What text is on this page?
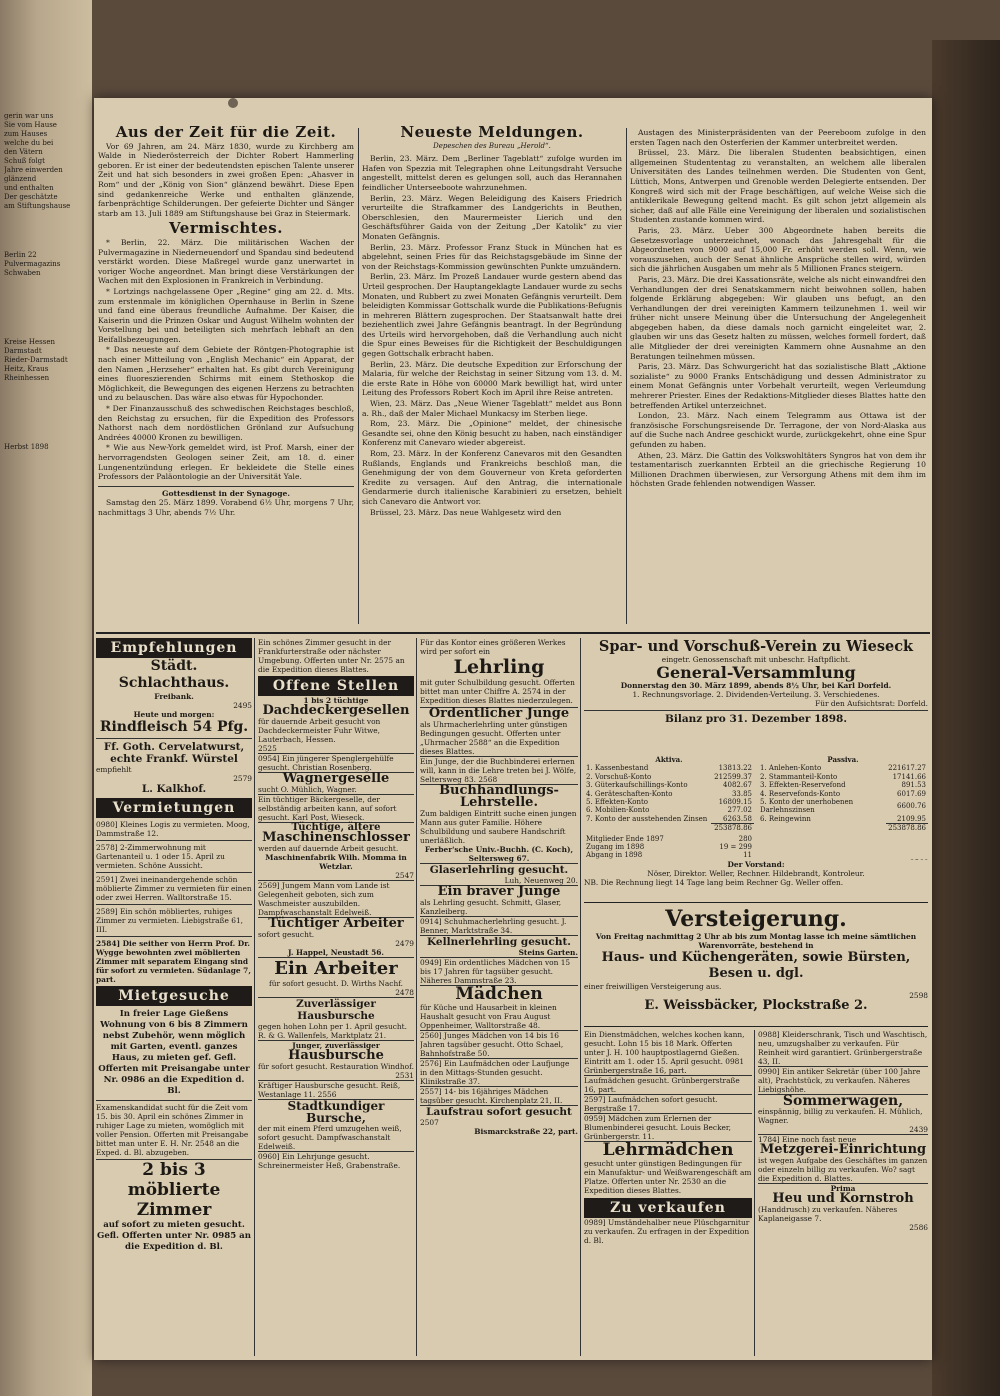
gerin war uns
Sie vom Hause
zum Hauses
welche du bei
den Vätern
Schuß folgt
Jahre einwerden
glänzend
und enthalten
Der geschätzte
am Stiftungshause
Berlin 22
Pulvermagazins
Schwaben
Kreise Hessen
Darmstadt
Rieder-Darmstadt
Heitz, Kraus
Rheinhessen
Herbst 1898
Aus der Zeit für die Zeit.

Vor 69 Jahren, am 24. März 1830, wurde zu Kirchberg am Walde in Niederösterreich der Dichter Robert Hammerling geboren. Er ist einer der bedeutendsten epischen Talente unserer Zeit und hat sich besonders in zwei großen Epen: „Ahasver in Rom“ und der „König von Sion“ glänzend bewährt. Diese Epen sind gedankenreiche Werke und enthalten glänzende, farbenprächtige Schilderungen. Der gefeierte Dichter und Sänger starb am 13. Juli 1889 am Stiftungshause bei Graz in Steiermark.

Vermischtes.

* Berlin, 22. März. Die militärischen Wachen der Pulvermagazine in Niederneuendorf und Spandau sind bedeutend verstärkt worden. Diese Maßregel wurde ganz unerwartet in voriger Woche angeordnet. Man bringt diese Verstärkungen der Wachen mit den Explosionen in Frankreich in Verbindung.

* Lortzings nachgelassene Oper „Regine“ ging am 22. d. Mts. zum erstenmale im königlichen Opernhause in Berlin in Szene und fand eine überaus freundliche Aufnahme. Der Kaiser, die Kaiserin und die Prinzen Oskar und August Wilhelm wohnten der Vorstellung bei und beteiligten sich mehrfach lebhaft an den Beifallsbezeugungen.

* Das neueste auf dem Gebiete der Röntgen-Photographie ist nach einer Mitteilung von „English Mechanic“ ein Apparat, der den Namen „Herzseher“ erhalten hat. Es gibt durch Vereinigung eines fluoreszierenden Schirms mit einem Stethoskop die Möglichkeit, die Bewegungen des eigenen Herzens zu betrachten und zu belauschen. Das wäre also etwas für Hypochonder.

* Der Finanzausschuß des schwedischen Reichstages beschloß, den Reichstag zu ersuchen, für die Expedition des Professors Nathorst nach dem nordöstlichen Grönland zur Aufsuchung Andrées 40000 Kronen zu bewilligen.

* Wie aus New-York gemeldet wird, ist Prof. Marsh, einer der hervorragendsten Geologen seiner Zeit, am 18. d. einer Lungenentzündung erlegen. Er bekleidete die Stelle eines Professors der Paläontologie an der Universität Yale.

Gottesdienst in der Synagoge.

Samstag den 25. März 1899. Vorabend 6½ Uhr, morgens 7 Uhr, nachmittags 3 Uhr, abends 7½ Uhr.

Neueste Meldungen.
Depeschen des Bureau „Herold“.

Berlin, 23. März. Dem „Berliner Tageblatt“ zufolge wurden im Hafen von Spezzia mit Telegraphen ohne Leitungsdraht Versuche angestellt, mittelst deren es gelungen soll, auch das Herannahen feindlicher Unterseeboote wahrzunehmen.

Berlin, 23. März. Wegen Beleidigung des Kaisers Friedrich verurteilte die Strafkammer des Landgerichts in Beuthen, Oberschlesien, den Maurermeister Lierich und den Geschäftsführer Gaida von der Zeitung „Der Katolik“ zu vier Monaten Gefängnis.

Berlin, 23. März. Professor Franz Stuck in München hat es abgelehnt, seinen Fries für das Reichstagsgebäude im Sinne der von der Reichstags-Kommission gewünschten Punkte umzuändern.

Berlin, 23. März. Im Prozeß Landauer wurde gestern abend das Urteil gesprochen. Der Hauptangeklagte Landauer wurde zu sechs Monaten, und Rubbert zu zwei Monaten Gefängnis verurteilt. Dem beleidigten Kommissar Gottschalk wurde die Publikations-Befugnis in mehreren Blättern zugesprochen. Der Staatsanwalt hatte drei beziehentlich zwei Jahre Gefängnis beantragt. In der Begründung des Urteils wird hervorgehoben, daß die Verhandlung auch nicht die Spur eines Beweises für die Richtigkeit der Beschuldigungen gegen Gottschalk erbracht haben.

Berlin, 23. März. Die deutsche Expedition zur Erforschung der Malaria, für welche der Reichstag in seiner Sitzung vom 13. d. M. die erste Rate in Höhe von 60000 Mark bewilligt hat, wird unter Leitung des Professors Robert Koch im April ihre Reise antreten.

Wien, 23. März. Das „Neue Wiener Tageblatt“ meldet aus Bonn a. Rh., daß der Maler Michael Munkacsy im Sterben liege.

Rom, 23. März. Die „Opinione“ meldet, der chinesische Gesandte sei, ohne den König besucht zu haben, nach einständiger Konferenz mit Canevaro wieder abgereist.

Rom, 23. März. In der Konferenz Canevaros mit den Gesandten Rußlands, Englands und Frankreichs beschloß man, die Genehmigung der von dem Gouverneur von Kreta geforderten Kredite zu versagen. Auf den Antrag, die internationale Gendarmerie durch italienische Karabinieri zu ersetzen, behielt sich Canevaro die Antwort vor.

Brüssel, 23. März. Das neue Wahlgesetz wird den

Austagen des Ministerpräsidenten van der Peereboom zufolge in den ersten Tagen nach den Osterferien der Kammer unterbreitet werden.

Brüssel, 23. März. Die liberalen Studenten beabsichtigen, einen allgemeinen Studententag zu veranstalten, an welchem alle liberalen Universitäten des Landes teilnehmen werden. Die Studenten von Gent, Lüttich, Mons, Antwerpen und Grenoble werden Delegierte entsenden. Der Kongreß wird sich mit der Frage beschäftigen, auf welche Weise sich die antiklerikale Bewegung geltend macht. Es gilt schon jetzt allgemein als sicher, daß auf alle Fälle eine Vereinigung der liberalen und sozialistischen Studenten zustande kommen wird.

Paris, 23. März. Ueber 300 Abgeordnete haben bereits die Gesetzesvorlage unterzeichnet, wonach das Jahresgehalt für die Abgeordneten von 9000 auf 15,000 Fr. erhöht werden soll. Wenn, wie vorauszusehen, auch der Senat ähnliche Ansprüche stellen wird, würden sich die jährlichen Ausgaben um mehr als 5 Millionen Francs steigern.

Paris, 23. März. Die drei Kassationsräte, welche als nicht einwandfrei den Verhandlungen der drei Senatskammern nicht beiwohnen sollen, haben folgende Erklärung abgegeben: Wir glauben uns befugt, an den Verhandlungen der drei vereinigten Kammern teilzunehmen 1. weil wir früher nicht unsere Meinung über die Untersuchung der Angelegenheit abgegeben haben, da diese damals noch garnicht eingeleitet war, 2. glauben wir uns das Gesetz halten zu müssen, welches formell fordert, daß alle Mitglieder der drei vereinigten Kammern ohne Ausnahme an den Beratungen teilnehmen müssen.

Paris, 23. März. Das Schwurgericht hat das sozialistische Blatt „Aktione sozialiste“ zu 9000 Franks Entschädigung und dessen Administrator zu einem Monat Gefängnis unter Vorbehalt verurteilt, wegen Verleumdung mehrerer Priester. Eines der Redaktions-Mitglieder dieses Blattes hatte den betreffenden Artikel unterzeichnet.

London, 23. März. Nach einem Telegramm aus Ottawa ist der französische Forschungsreisende Dr. Terragone, der von Nord-Alaska aus auf die Suche nach Andree geschickt wurde, zurückgekehrt, ohne eine Spur gefunden zu haben.

Athen, 23. März. Die Gattin des Volkswohltäters Syngros hat von dem ihr testamentarisch zuerkannten Erbteil an die griechische Regierung 10 Millionen Drachmen überwiesen, zur Versorgung Athens mit dem ihm im höchsten Grade fehlenden notwendigen Wasser.

Empfehlungen
Städt. Schlachthaus.
Freibank.
2495
Heute und morgen:
Rindfleisch 54 Pfg.
Ff. Goth. Cervelatwurst,
echte Frankf. Würstel
empfiehlt
2579
L. Kalkhof.
Vermietungen
0980] Kleines Logis zu vermieten. Moog, Dammstraße 12.
2578] 2-Zimmerwohnung mit Gartenanteil u. 1 oder 15. April zu vermieten. Schöne Aussicht.
2591] Zwei ineinandergehende schön möblierte Zimmer zu vermieten für einen oder zwei Herren. Walltorstraße 15.
2589] Ein schön möbliertes, ruhiges Zimmer zu vermieten. Liebigstraße 61, III.
2584] Die seither von Herrn Prof. Dr. Wygge bewohnten zwei möblierten Zimmer mit separatem Eingang sind für sofort zu vermieten. Südanlage 7, part.
Mietgesuche
In freier Lage Gießens Wohnung von 6 bis 8 Zimmern nebst Zubehör, wenn möglich mit Garten, eventl. ganzes Haus, zu mieten gef. Gefl. Offerten mit Preisangabe unter Nr. 0986 an die Expedition d. Bl.
Examenskandidat sucht für die Zeit vom 15. bis 30. April ein schönes Zimmer in ruhiger Lage zu mieten, womöglich mit voller Pension. Offerten mit Preisangabe bittet man unter E. H. Nr. 2548 an die Exped. d. Bl. abzugeben.
2 bis 3 möblierte
Zimmer
auf sofort zu mieten gesucht. Gefl. Offerten unter Nr. 0985 an die Expedition d. Bl.
Ein schönes Zimmer gesucht in der Frankfurterstraße oder nächster Umgebung. Offerten unter Nr. 2575 an die Expedition dieses Blattes.
Offene Stellen
1 bis 2 tüchtige
Dachdeckergesellen
für dauernde Arbeit gesucht von Dachdeckermeister Fuhr Witwe, Lauterbach, Hessen.
2525
0954] Ein jüngerer Spenglergehülfe gesucht. Christian Rosenberg.
Wagnergeselle
sucht O. Mühlich, Wagner.
Ein tüchtiger Bäckergeselle, der selbständig arbeiten kann, auf sofort gesucht. Karl Post, Wieseck.
Tüchtige, ältere
Maschinenschlosser
werden auf dauernde Arbeit gesucht.
Maschinenfabrik Wilh. Momma in Wetzlar.
2547
2569] Jungem Mann vom Lande ist Gelegenheit geboten, sich zum Waschmeister auszubilden. Dampfwaschanstalt Edelweiß.
Tüchtiger Arbeiter
sofort gesucht.
2479
J. Happel, Neustadt 56.
Ein Arbeiter
für sofort gesucht. D. Wirths Nachf.
2478
Zuverlässiger Hausbursche
gegen hohen Lohn per 1. April gesucht. R. & G. Wallenfels, Marktplatz 21.
Junger, zuverlässiger
Hausbursche
für sofort gesucht. Restauration Windhof.
2531
Kräftiger Hausbursche gesucht. Reiß, Westanlage 11. 2556
Stadtkundiger Bursche,
der mit einem Pferd umzugehen weiß, sofort gesucht. Dampfwaschanstalt Edelweiß.
0960] Ein Lehrjunge gesucht. Schreinermeister Heß, Grabenstraße.
Für das Kontor eines größeren Werkes wird per sofort ein
Lehrling
mit guter Schulbildung gesucht. Offerten bittet man unter Chiffre A. 2574 in der Expedition dieses Blattes niederzulegen.
Ordentlicher Junge
als Uhrmacherlehrling unter günstigen Bedingungen gesucht. Offerten unter „Uhrmacher 2588“ an die Expedition dieses Blattes.
Ein Junge, der die Buchbinderei erlernen will, kann in die Lehre treten bei J. Wölfe, Seltersweg 83. 2568
Buchhandlungs-Lehrstelle.
Zum baldigen Eintritt suche einen jungen Mann aus guter Familie. Höhere Schulbildung und saubere Handschrift unerläßlich.
Ferber'sche Univ.-Buchh. (C. Koch), Seltersweg 67.
Glaserlehrling gesucht.
Luh, Neuenweg 20.
Ein braver Junge
als Lehrling gesucht. Schmitt, Glaser, Kanzleiberg.
0914] Schuhmacherlehrling gesucht. J. Benner, Marktstraße 34.
Kellnerlehrling gesucht.
Steins Garten.
0949] Ein ordentliches Mädchen von 15 bis 17 Jahren für tagsüber gesucht. Näheres Dammstraße 23.
Mädchen
für Küche und Hausarbeit in kleinen Haushalt gesucht von Frau August Oppenheimer, Walltorstraße 48.
2560] Junges Mädchen von 14 bis 16 Jahren tagsüber gesucht. Otto Schael, Bahnhofstraße 50.
2576] Ein Laufmädchen oder Laufjunge in den Mittags-Stunden gesucht. Klinikstraße 37.
2557] 14- bis 16jähriges Mädchen tagsüber gesucht. Kirchenplatz 21, II.
Laufstrau sofort gesucht
2507
Bismarckstraße 22, part.
Spar- und Vorschuß-Verein zu Wieseck
eingetr. Genossenschaft mit unbeschr. Haftpflicht.
General-Versammlung
Donnerstag den 30. März 1899, abends 8½ Uhr, bei Karl Dorfeld.
1. Rechnungsvorlage. 2. Dividenden-Verteilung. 3. Verschiedenes.
Für den Aufsichtsrat: Dorfeld.
Bilanz pro 31. Dezember 1898.
Aktiva.
1. Kassenbestand	13813.22
2. Vorschuß-Konto	212599.37
3. Güterkaufschillings-Konto	4082.67
4. Geräteschaften-Konto	33.85
5. Effekten-Konto	16809.15
6. Mobilien-Konto	277.02
7. Konto der ausstehenden Zinsen	6263.58
	253878.86
Mitglieder Ende 1897	280
Zugang im 1898	19 = 299
Abgang in 1898	11

Passiva.
1. Anlehen-Konto	221617.27
2. Stammanteil-Konto	17141.66
3. Effekten-Reservefond	891.53
4. Reservefonds-Konto	6017.69
5. Konto der unerhobenen Darlehnszinsen	6600.76
6. Reingewinn	2109.95
	253878.86
Der Vorstand:
Nöser, Direktor. Weller, Rechner. Hildebrandt, Kontroleur.
NB. Die Rechnung liegt 14 Tage lang beim Rechner Gg. Weller offen.
Versteigerung.
Von Freitag nachmittag 2 Uhr ab bis zum Montag lasse ich meine sämtlichen Warenvorräte, bestehend in
Haus- und Küchengeräten, sowie Bürsten, Besen u. dgl.
einer freiwilligen Versteigerung aus.
2598
E. Weissbäcker, Plockstraße 2.
Ein Dienstmädchen, welches kochen kann, gesucht. Lohn 15 bis 18 Mark. Offerten unter J. H. 100 hauptpostlagernd Gießen. Eintritt am 1. oder 15. April gesucht. 0981 Grünbergerstraße 16, part.
Laufmädchen gesucht. Grünbergerstraße 16, part.
2597] Laufmädchen sofort gesucht. Bergstraße 17.
0959] Mädchen zum Erlernen der Blumenbinderei gesucht. Louis Becker, Grünbergerstr. 11.
Lehrmädchen
gesucht unter günstigen Bedingungen für ein Manufaktur- und Weißwarengeschäft am Platze. Offerten unter Nr. 2530 an die Expedition dieses Blattes.
Zu verkaufen
0989] Umständehalber neue Plüschgarnitur zu verkaufen. Zu erfragen in der Expedition d. Bl.
0988] Kleiderschrank, Tisch und Waschtisch, neu, umzugshalber zu verkaufen. Für Reinheit wird garantiert. Grünbergerstraße 43, II.
0990] Ein antiker Sekretär (über 100 Jahre alt), Prachtstück, zu verkaufen. Näheres Liebigshöhe.
Sommerwagen,
einspännig, billig zu verkaufen. H. Mühlich, Wagner.
2439
1784] Eine noch fast neue
Metzgerei-Einrichtung
ist wegen Aufgabe des Geschäftes im ganzen oder einzeln billig zu verkaufen. Wo? sagt die Expedition d. Blattes.
Prima
Heu und Kornstroh
(Handdrusch) zu verkaufen. Näheres Kaplaneigasse 7.
2586
